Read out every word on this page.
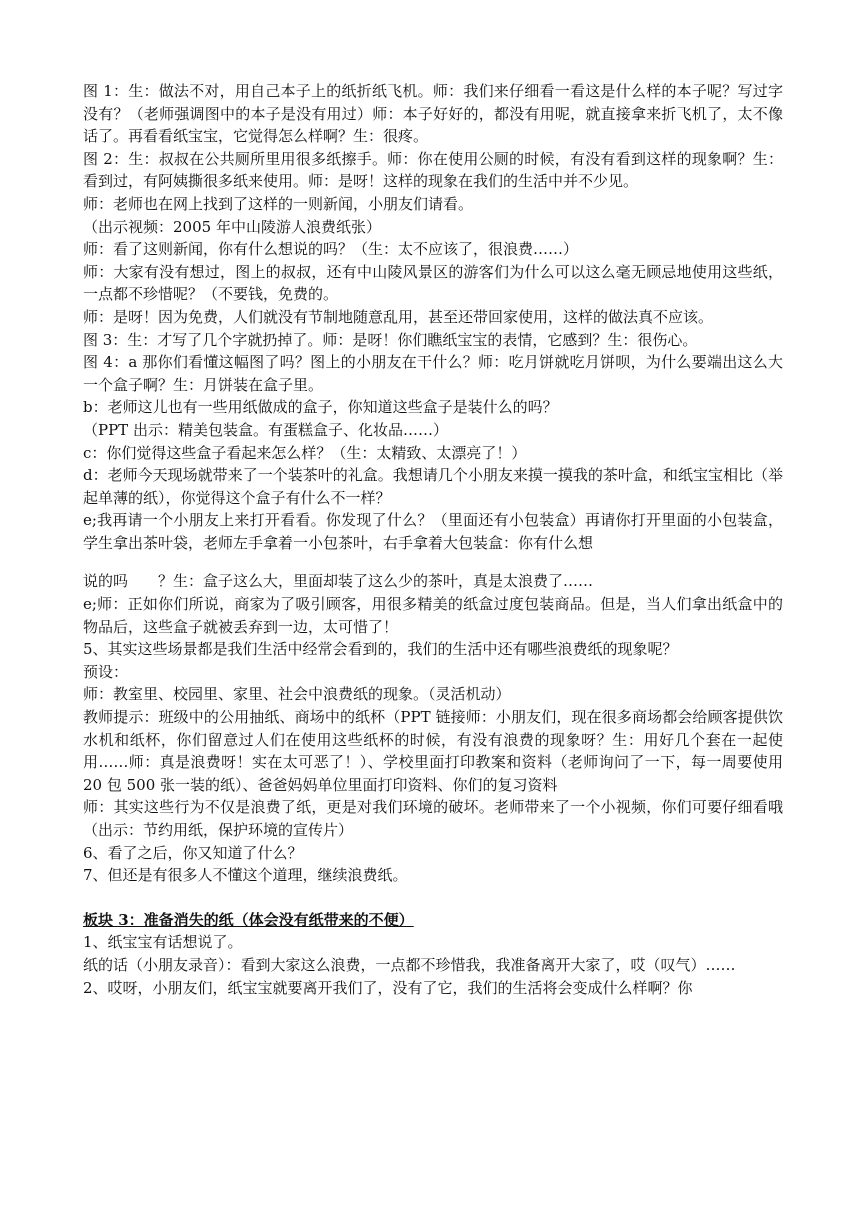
图 1：生：做法不对，用自己本子上的纸折纸飞机。师：我们来仔细看一看这是什么样的本子呢？写过字没有？（老师强调图中的本子是没有用过）师：本子好好的，都没有用呢，就直接拿来折飞机了，太不像话了。再看看纸宝宝，它觉得怎么样啊？生：很疼。

图 2：生：叔叔在公共厕所里用很多纸擦手。师：你在使用公厕的时候，有没有看到这样的现象啊？生：看到过，有阿姨撕很多纸来使用。师：是呀！这样的现象在我们的生活中并不少见。

师：老师也在网上找到了这样的一则新闻，小朋友们请看。

（出示视频：2005 年中山陵游人浪费纸张）

师：看了这则新闻，你有什么想说的吗？（生：太不应该了，很浪费……）

师：大家有没有想过，图上的叔叔，还有中山陵风景区的游客们为什么可以这么毫无顾忌地使用这些纸，一点都不珍惜呢？（不要钱，免费的。

师：是呀！因为免费，人们就没有节制地随意乱用，甚至还带回家使用，这样的做法真不应该。

图 3：生：才写了几个字就扔掉了。师：是呀！你们瞧纸宝宝的表情，它感到？生：很伤心。

图 4：a 那你们看懂这幅图了吗？图上的小朋友在干什么？师：吃月饼就吃月饼呗，为什么要端出这么大一个盒子啊？生：月饼装在盒子里。

b：老师这儿也有一些用纸做成的盒子，你知道这些盒子是装什么的吗？

（PPT 出示：精美包装盒。有蛋糕盒子、化妆品……）

c：你们觉得这些盒子看起来怎么样？（生：太精致、太漂亮了！）

d：老师今天现场就带来了一个装茶叶的礼盒。我想请几个小朋友来摸一摸我的茶叶盒，和纸宝宝相比（举起单薄的纸），你觉得这个盒子有什么不一样？

e;我再请一个小朋友上来打开看看。你发现了什么？（里面还有小包装盒）再请你打开里面的小包装盒，学生拿出茶叶袋，老师左手拿着一小包茶叶，右手拿着大包装盒：你有什么想

说的吗　　？生：盒子这么大，里面却装了这么少的茶叶，真是太浪费了……

e;师：正如你们所说，商家为了吸引顾客，用很多精美的纸盒过度包装商品。但是，当人们拿出纸盒中的物品后，这些盒子就被丢弃到一边，太可惜了！

5、其实这些场景都是我们生活中经常会看到的，我们的生活中还有哪些浪费纸的现象呢？

预设：

师：教室里、校园里、家里、社会中浪费纸的现象。（灵活机动）

教师提示：班级中的公用抽纸、商场中的纸杯（PPT 链接师：小朋友们，现在很多商场都会给顾客提供饮水机和纸杯，你们留意过人们在使用这些纸杯的时候，有没有浪费的现象呀？生：用好几个套在一起使用……师：真是浪费呀！实在太可恶了！）、学校里面打印教案和资料（老师询问了一下，每一周要使用 20 包 500 张一装的纸）、爸爸妈妈单位里面打印资料、你们的复习资料

师：其实这些行为不仅是浪费了纸，更是对我们环境的破坏。老师带来了一个小视频，你们可要仔细看哦（出示：节约用纸，保护环境的宣传片）

6、看了之后，你又知道了什么？

7、但还是有很多人不懂这个道理，继续浪费纸。

板块 3：准备消失的纸（体会没有纸带来的不便）

1、纸宝宝有话想说了。

纸的话（小朋友录音）：看到大家这么浪费，一点都不珍惜我，我准备离开大家了，哎（叹气）……

2、哎呀，小朋友们，纸宝宝就要离开我们了，没有了它，我们的生活将会变成什么样啊？你
